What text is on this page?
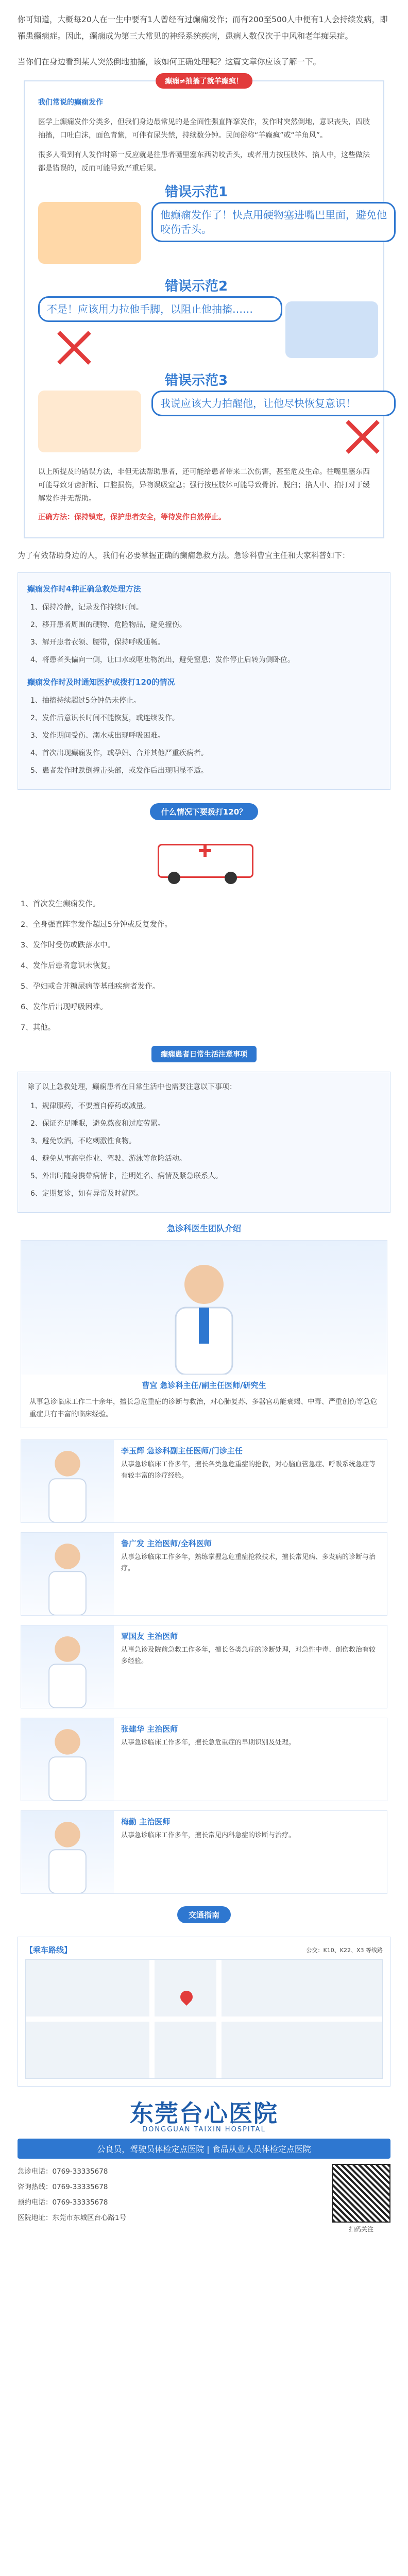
你可知道，大概每20人在一生中要有1人曾经有过癫痫发作；而有200至500人中便有1人会持续发病，即罹患癫痫症。因此，癫痫成为第三大常见的神经系统疾病，患病人数仅次于中风和老年痴呆症。

当你们在身边看到某人突然倒地抽搐，该如何正确处理呢？这篇文章你应该了解一下。

癫痫≠抽搐了就羊癫疯！

我们常说的癫痫发作

医学上癫痫发作分类多，但我们身边最常见的是全面性强直阵挛发作，发作时突然倒地，意识丧失，四肢抽搐，口吐白沫，面色青紫，可伴有尿失禁，持续数分钟。民间俗称“羊癫疯”或“羊角风”。

很多人看到有人发作时第一反应就是往患者嘴里塞东西防咬舌头，或者用力按压肢体、掐人中，这些做法都是错误的，反而可能导致严重后果。

错误示范1
他癫痫发作了！快点用硬物塞进嘴巴里面，避免他咬伤舌头。
错误示范2
不是！应该用力拉他手脚，以阻止他抽搐……
错误示范3
我说应该大力拍醒他，让他尽快恢复意识！

以上所提及的错误方法，非但无法帮助患者，还可能给患者带来二次伤害，甚至危及生命。往嘴里塞东西可能导致牙齿折断、口腔损伤，异物误吸窒息；强行按压肢体可能导致骨折、脱臼；掐人中、拍打对于缓解发作并无帮助。

正确方法：保持镇定，保护患者安全，等待发作自然停止。

为了有效帮助身边的人，我们有必要掌握正确的癫痫急救方法。急诊科曹宜主任和大家科普如下：
癫痫发作时4种正确急救处理方法
1、保持冷静，记录发作持续时间。
2、移开患者周围的硬物、危险物品，避免撞伤。
3、解开患者衣领、腰带，保持呼吸通畅。
4、将患者头偏向一侧，让口水或呕吐物流出，避免窒息；发作停止后转为侧卧位。
癫痫发作时及时通知医护或拨打120的情况
1、抽搐持续超过5分钟仍未停止。
2、发作后意识长时间不能恢复，或连续发作。
3、发作期间受伤、溺水或出现呼吸困难。
4、首次出现癫痫发作，或孕妇、合并其他严重疾病者。
5、患者发作时跌倒撞击头部，或发作后出现明显不适。
什么情况下要拨打120？
1、首次发生癫痫发作。
2、全身强直阵挛发作超过5分钟或反复发作。
3、发作时受伤或跌落水中。
4、发作后患者意识未恢复。
5、孕妇或合并糖尿病等基础疾病者发作。
6、发作后出现呼吸困难。
7、其他。
癫痫患者日常生活注意事项

除了以上急救处理，癫痫患者在日常生活中也需要注意以下事项：

1、规律服药，不要擅自停药或减量。
2、保证充足睡眠，避免熬夜和过度劳累。
3、避免饮酒，不吃刺激性食物。
4、避免从事高空作业、驾驶、游泳等危险活动。
5、外出时随身携带病情卡，注明姓名、病情及紧急联系人。
6、定期复诊，如有异常及时就医。
急诊科医生团队介绍
曹宜 急诊科主任/副主任医师/研究生
从事急诊临床工作二十余年，擅长急危重症的诊断与救治，对心肺复苏、多器官功能衰竭、中毒、严重创伤等急危重症具有丰富的临床经验。
李玉辉 急诊科副主任医师/门诊主任
从事急诊临床工作多年，擅长各类急危重症的抢救，对心脑血管急症、呼吸系统急症等有较丰富的诊疗经验。
鲁广发 主治医师/全科医师
从事急诊临床工作多年，熟练掌握急危重症抢救技术，擅长常见病、多发病的诊断与治疗。
覃国友 主治医师
从事急诊及院前急救工作多年，擅长各类急症的诊断处理，对急性中毒、创伤救治有较多经验。
张建华 主治医师
从事急诊临床工作多年，擅长急危重症的早期识别及处理。
梅勤 主治医师
从事急诊临床工作多年，擅长常见内科急症的诊断与治疗。
交通指南
【乘车路线】	公交：K10、K22、X3 等线路
东莞台心医院
DONGGUAN TAIXIN HOSPITAL
公良员，驾驶员体检定点医院 | 食品从业人员体检定点医院
急诊电话：0769-33335678
咨询热线：0769-33335678
预约电话：0769-33335678
医院地址：东莞市东城区台心路1号
扫码关注
